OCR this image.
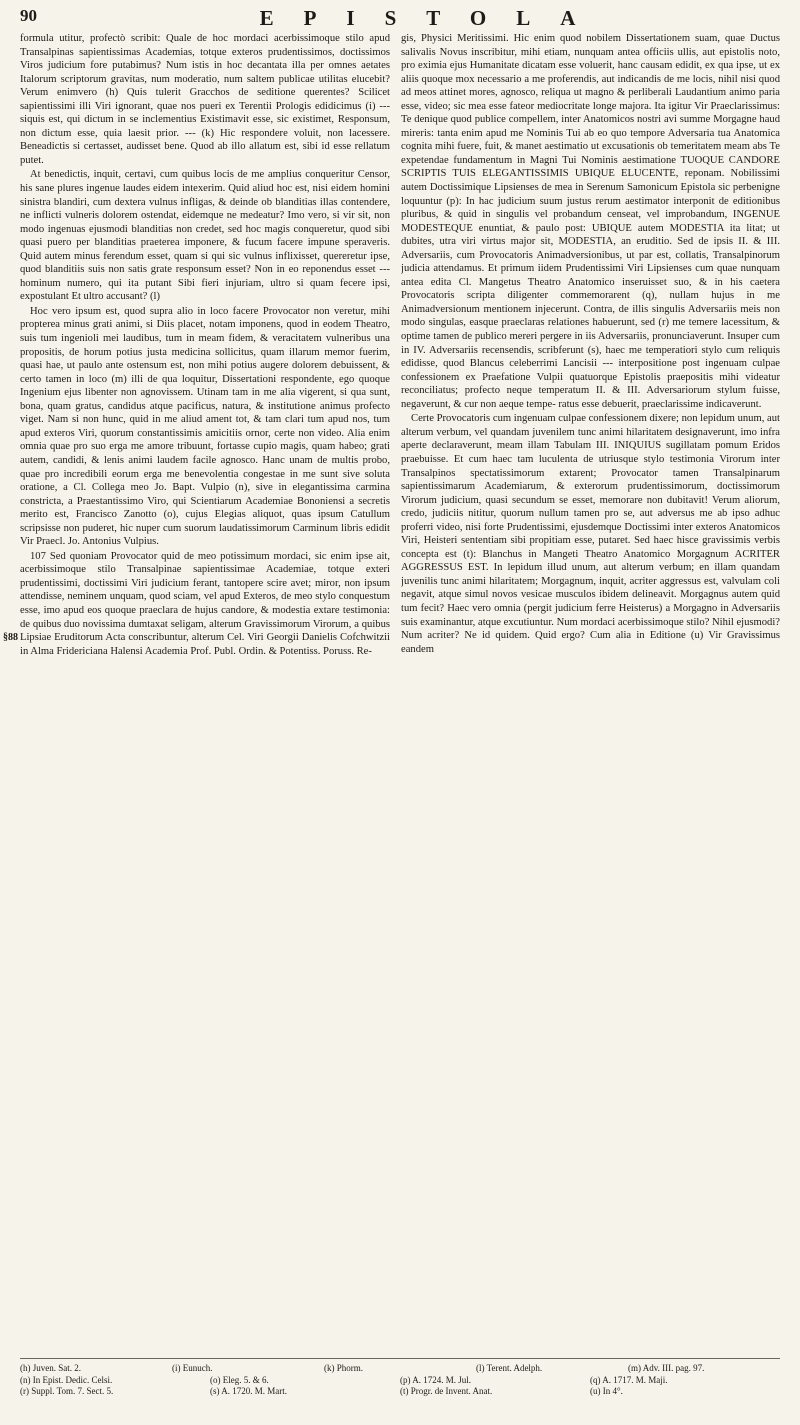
90	EPISTOLA
§88

formula utitur, profectò scribit: Quale de hoc mordaci acerbissimoque stilo apud Transalpinas sapientissimas Academias, totque exteros prudentissimos, doctissimos Viros judicium fore putabimus? Num istis in hoc decantata illa per omnes aetates Italorum scriptorum gravitas, num moderatio, num saltem publicae utilitas elucebit? Verum enimvero (h) Quis tulerit Gracchos de seditione querentes? Scilicet sapientissimi illi Viri ignorant, quae nos pueri ex Terentii Prologis edidicimus (i) --- siquis est, qui dictum in se inclementius Existimavit esse, sic existimet, Responsum, non dictum esse, quia laesit prior. --- (k) Hic respondere voluit, non lacessere. Beneadictis si certasset, audisset bene. Quod ab illo allatum est, sibi id esse rellatum putet.

At benedictis, inquit, certavi, cum quibus locis de me amplius conqueritur Censor, his sane plures ingenue laudes eidem intexerim. Quid aliud hoc est, nisi eidem homini sinistra blandiri, cum dextera vulnus infligas, & deinde ob blanditias illas contendere, ne inflicti vulneris dolorem ostendat, eidemque ne medeatur? Imo vero, si vir sit, non modo ingenuas ejusmodi blanditias non credet, sed hoc magis conqueretur, quod sibi quasi puero per blanditias praeterea imponere, & fucum facere impune speraveris. Quid autem minus ferendum esset, quam si qui sic vulnus inflixisset, quereretur ipse, quod blanditiis suis non satis grate responsum esset? Non in eo reponendus esset --- hominum numero, qui ita putant Sibi fieri injuriam, ultro si quam fecere ipsi, expostulant Et ultro accusant? (l)

Hoc vero ipsum est, quod supra alio in loco facere Provocator non veretur, mihi propterea minus grati animi, si Diis placet, notam imponens, quod in eodem Theatro, suis tum ingenioli mei laudibus, tum in meam fidem, & veracitatem vulneribus una propositis, de horum potius justa medicina sollicitus, quam illarum memor fuerim, quasi hae, ut paulo ante ostensum est, non mihi potius augere dolorem debuissent, & certo tamen in loco (m) illi de qua loquitur, Dissertationi respondente, ego quoque Ingenium ejus libenter non agnovissem. Utinam tam in me alia vigerent, si qua sunt, bona, quam gratus, candidus atque pacificus, natura, & institutione animus profecto viget. Nam si non hunc, quid in me aliud ament tot, & tam clari tum apud nos, tum apud exteros Viri, quorum constantissimis amicitiis ornor, certe non video. Alia enim omnia quae pro suo erga me amore tribuunt, fortasse cupio magis, quam habeo; grati autem, candidi, & lenis animi laudem facile agnosco. Hanc unam de multis probo, quae pro incredibili eorum erga me benevolentia congestae in me sunt sive soluta oratione, a Cl. Collega meo Jo. Bapt. Vulpio (n), sive in elegantissima carmina constricta, a Praestantissimo Viro, qui Scientiarum Academiae Bononiensi a secretis merito est, Francisco Zanotto (o), cujus Elegias aliquot, quas ipsum Catullum scripsisse non puderet, hic nuper cum suorum laudatissimorum Carminum libris edidit Vir Praecl. Jo. Antonius Vulpius.

107 Sed quoniam Provocator quid de meo potissimum mordaci, sic enim ipse ait, acerbissimoque stilo Transalpinae sapientissimae Academiae, totque exteri prudentissimi, doctissimi Viri judicium ferant, tantopere scire avet; miror, non ipsum attendisse, neminem unquam, quod sciam, vel apud Exteros, de meo stylo conquestum esse, imo apud eos quoque praeclara de hujus candore, & modestia extare testimonia: de quibus duo novissima dumtaxat seligam, alterum Gravissimorum Virorum, a quibus Lipsiae Eruditorum Acta conscribuntur, alterum Cel. Viri Georgii Danielis Cofchwitzii in Alma Fridericiana Halensi Academia Prof. Publ. Ordin. & Potentiss. Poruss. Re-

gis, Physici Meritissimi. Hic enim quod nobilem Dissertationem suam, quae Ductus salivalis Novus inscribitur, mihi etiam, nunquam antea officiis ullis, aut epistolis noto, pro eximia ejus Humanitate dicatam esse voluerit, hanc causam edidit, ex qua ipse, ut ex aliis quoque mox necessario a me proferendis, aut indicandis de me locis, nihil nisi quod ad meos attinet mores, agnosco, reliqua ut magno & perliberali Laudantium animo paria esse, video; sic mea esse fateor mediocritate longe majora. Ita igitur Vir Praeclarissimus: Te denique quod publice compellem, inter Anatomicos nostri avi summe Morgagne haud mireris: tanta enim apud me Nominis Tui ab eo quo tempore Adversaria tua Anatomica cognita mihi fuere, fuit, & manet aestimatio ut excusationis ob temeritatem meam abs Te expetendae fundamentum in Magni Tui Nominis aestimatione TUOQUE CANDORE SCRIPTIS TUIS ELEGANTISSIMIS UBIQUE ELUCENTE, reponam. Nobilissimi autem Doctissimique Lipsienses de mea in Serenum Samonicum Epistola sic perbenigne loquuntur (p): In hac judicium suum justus rerum aestimator interponit de editionibus pluribus, & quid in singulis vel probandum censeat, vel improbandum, INGENUE MODESTEQUE enuntiat, & paulo post: UBIQUE autem MODESTIA ita litat; ut dubites, utra viri virtus major sit, MODESTIA, an eruditio. Sed de ipsis II. & III. Adversariis, cum Provocatoris Animadversionibus, ut par est, collatis, Transalpinorum judicia attendamus. Et primum iidem Prudentissimi Viri Lipsienses cum quae nunquam antea edita Cl. Mangetus Theatro Anatomico inseruisset suo, & in his caetera Provocatoris scripta diligenter commemorarent (q), nullam hujus in me Animadversionum mentionem injecerunt. Contra, de illis singulis Adversariis meis non modo singulas, easque praeclaras relationes habuerunt, sed (r) me temere lacessitum, & optime tamen de publico mereri pergere in iis Adversariis, pronunciaverunt. Insuper cum in IV. Adversariis recensendis, scribferunt (s), haec me temperatiori stylo cum reliquis edidisse, quod Blancus celeberrimi Lancisii --- interpositione post ingenuam culpae confessionem ex Praefatione Vulpii quatuorque Epistolis praepositis mihi videatur reconciliatus; profecto neque temperatum II. & III. Adversariorum stylum fuisse, negaverunt, & cur non aeque tempe- ratus esse debuerit, praeclarissime indicaverunt.

Certe Provocatoris cum ingenuam culpae confessionem dixere; non lepidum unum, aut alterum verbum, vel quandam juvenilem tunc animi hilaritatem designaverunt, imo infra aperte declaraverunt, meam illam Tabulam III. INIQUIUS sugillatam pomum Eridos praebuisse. Et cum haec tam luculenta de utriusque stylo testimonia Virorum inter Transalpinos spectatissimorum extarent; Provocator tamen Transalpinarum sapientissimarum Academiarum, & exterorum prudentissimorum, doctissimorum Virorum judicium, quasi secundum se esset, memorare non dubitavit! Verum aliorum, credo, judiciis nititur, quorum nullum tamen pro se, aut adversus me ab ipso adhuc proferri video, nisi forte Prudentissimi, ejusdemque Doctissimi inter exteros Anatomicos Viri, Heisteri sententiam sibi propitiam esse, putaret. Sed haec hisce gravissimis verbis concepta est (t): Blanchus in Mangeti Theatro Anatomico Morgagnum ACRITER AGGRESSUS EST. In lepidum illud unum, aut alterum verbum; en illam quandam juvenilis tunc animi hilaritatem; Morgagnum, inquit, acriter aggressus est, valvulam coli negavit, atque simul novos vesicae musculos ibidem delineavit. Morgagnus autem quid tum fecit? Haec vero omnia (pergit judicium ferre Heisterus) a Morgagno in Adversariis suis examinantur, atque excutiuntur. Num mordaci acerbissimoque stilo? Nihil ejusmodi? Num acriter? Ne id quidem. Quid ergo? Cum alia in Editione (u) Vir Gravissimus eandem

(h) Juven. Sat. 2.	(i) Eunuch.	(k) Phorm.	(l) Terent. Adelph.	(m) Adv. III. pag. 97.
(n) In Epist. Dedic. Celsi.	(o) Eleg. 5. & 6.	(p) A. 1724. M. Jul.	(q) A. 1717. M. Maji.
(r) Suppl. Tom. 7. Sect. 5.	(s) A. 1720. M. Mart.	(t) Progr. de Invent. Anat.	(u) In 4°.
